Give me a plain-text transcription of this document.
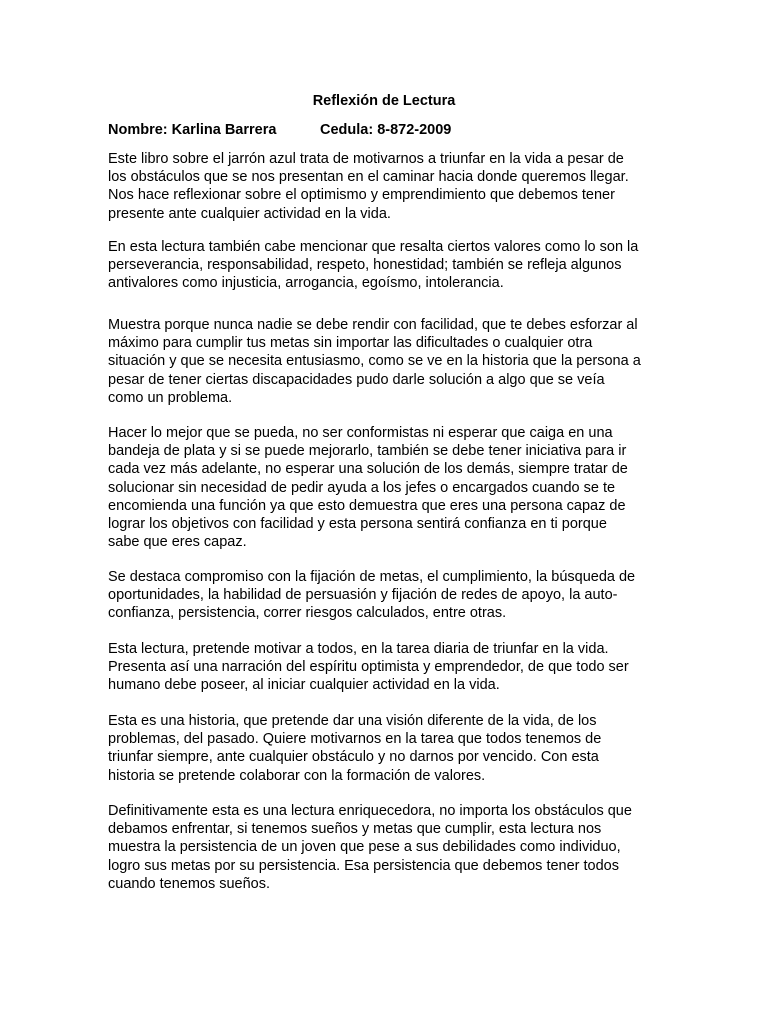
Reflexión de Lectura
Nombre: Karlina Barrera	Cedula: 8-872-2009

Este libro sobre el jarrón azul trata de motivarnos a triunfar en la vida a pesar de
los obstáculos que se nos presentan en el caminar hacia donde queremos llegar.
Nos hace reflexionar sobre el optimismo y emprendimiento que debemos tener
presente ante cualquier actividad en la vida.

En esta lectura también cabe mencionar que resalta ciertos valores como lo son la
perseverancia, responsabilidad, respeto, honestidad; también se refleja algunos
antivalores como injusticia, arrogancia, egoísmo, intolerancia.

Muestra porque nunca nadie se debe rendir con facilidad, que te debes esforzar al
máximo para cumplir tus metas sin importar las dificultades o cualquier otra
situación y que se necesita entusiasmo, como se ve en la historia que la persona a
pesar de tener ciertas discapacidades pudo darle solución a algo que se veía
como un problema.

Hacer lo mejor que se pueda, no ser conformistas ni esperar que caiga en una
bandeja de plata y si se puede mejorarlo, también se debe tener iniciativa para ir
cada vez más adelante, no esperar una solución de los demás, siempre tratar de
solucionar sin necesidad de pedir ayuda a los jefes o encargados cuando se te
encomienda una función ya que esto demuestra que eres una persona capaz de
lograr los objetivos con facilidad y esta persona sentirá confianza en ti porque
sabe que eres capaz.

Se destaca compromiso con la fijación de metas, el cumplimiento, la búsqueda de
oportunidades, la habilidad de persuasión y fijación de redes de apoyo, la auto-
confianza, persistencia, correr riesgos calculados, entre otras.

Esta lectura, pretende motivar a todos, en la tarea diaria de triunfar en la vida.
Presenta así una narración del espíritu optimista y emprendedor, de que todo ser
humano debe poseer, al iniciar cualquier actividad en la vida.

Esta es una historia, que pretende dar una visión diferente de la vida, de los
problemas, del pasado. Quiere motivarnos en la tarea que todos tenemos de
triunfar siempre, ante cualquier obstáculo y no darnos por vencido. Con esta
historia se pretende colaborar con la formación de valores.

Definitivamente esta es una lectura enriquecedora, no importa los obstáculos que
debamos enfrentar, si tenemos sueños y metas que cumplir, esta lectura nos
muestra la persistencia de un joven que pese a sus debilidades como individuo,
logro sus metas por su persistencia. Esa persistencia que debemos tener todos
cuando tenemos sueños.
